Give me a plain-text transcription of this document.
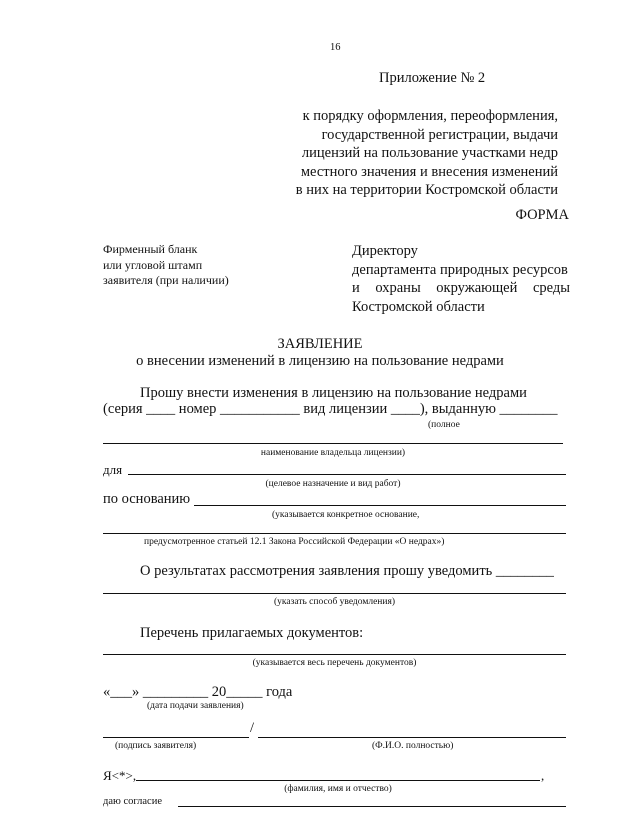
16
Приложение № 2
к порядку оформления, переоформления,
государственной регистрации, выдачи
лицензий на пользование участками недр
местного значения и внесения изменений
в них на территории Костромской области
ФОРМА
Фирменный бланк
или угловой штамп
заявителя (при наличии)
Директору
департамента природных ресурсов
и охраны окружающей среды
Костромской области
ЗАЯВЛЕНИЕ
о внесении изменений в лицензию на пользование недрами
Прошу внести изменения в лицензию на пользование недрами
(серия ____ номер ___________ вид лицензии ____), выданную ________
(полное
наименование владельца лицензии)
для
(целевое назначение и вид работ)
по основанию
(указывается конкретное основание,
предусмотренное статьей 12.1 Закона Российской Федерации «О недрах»)
О результатах рассмотрения заявления прошу уведомить ________
(указать способ уведомления)
Перечень прилагаемых документов:
(указывается весь перечень документов)
«___» _________ 20_____ года
(дата подачи заявления)
/
(подпись заявителя)	(Ф.И.О. полностью)
Я<*>,	,
(фамилия, имя и отчество)
даю согласие
